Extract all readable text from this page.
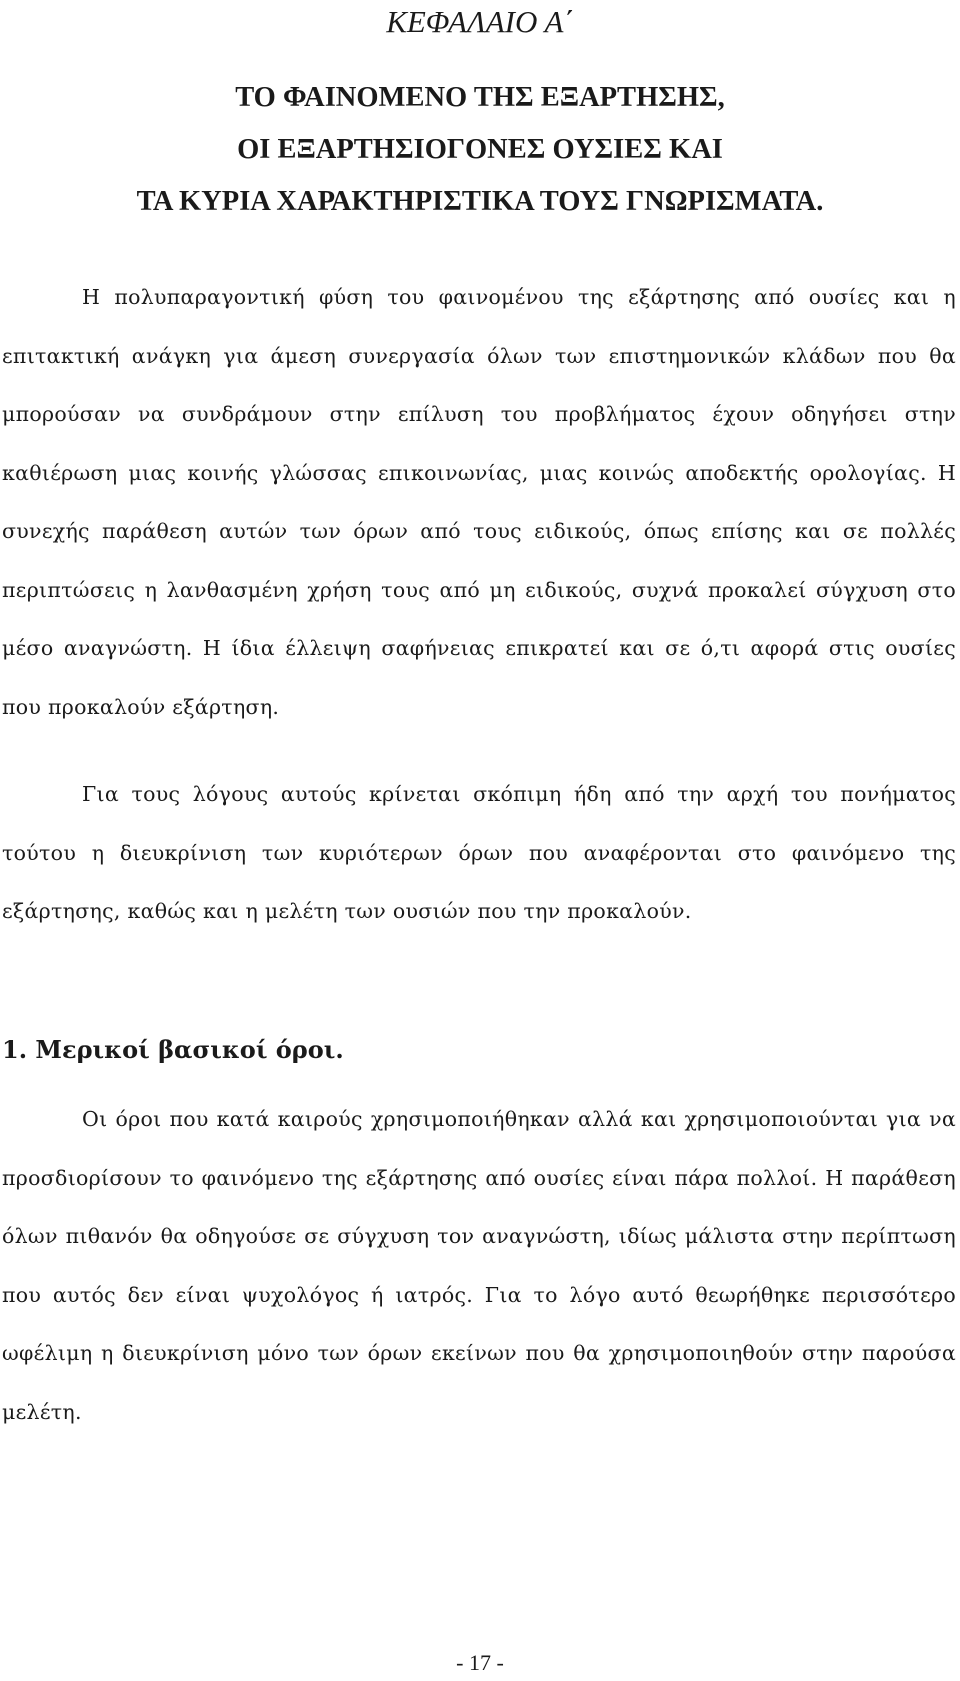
ΚΕΦΑΛΑΙΟ Α΄
ΤΟ ΦΑΙΝΟΜΕΝΟ ΤΗΣ ΕΞΑΡΤΗΣΗΣ,
ΟΙ ΕΞΑΡΤΗΣΙΟΓΟΝΕΣ ΟΥΣΙΕΣ ΚΑΙ
ΤΑ ΚΥΡΙΑ ΧΑΡΑΚΤΗΡΙΣΤΙΚΑ ΤΟΥΣ ΓΝΩΡΙΣΜΑΤΑ.

Η πολυπαραγοντική φύση του φαινομένου της εξάρτησης από ουσίες και η επιτακτική ανάγκη για άμεση συνεργασία όλων των επιστημονικών κλάδων που θα μπορούσαν να συνδράμουν στην επίλυση του προβλήματος έχουν οδηγήσει στην καθιέρωση μιας κοινής γλώσσας επικοινωνίας, μιας κοινώς αποδεκτής ορολογίας. Η συνεχής παράθεση αυτών των όρων από τους ειδικούς, όπως επίσης και σε πολλές περιπτώσεις η λανθασμένη χρήση τους από μη ειδικούς, συχνά προκαλεί σύγχυση στο μέσο αναγνώστη. Η ίδια έλλειψη σαφήνειας επικρατεί και σε ό,τι αφορά στις ουσίες που προκαλούν εξάρτηση.

Για τους λόγους αυτούς κρίνεται σκόπιμη ήδη από την αρχή του πονήματος τούτου η διευκρίνιση των κυριότερων όρων που αναφέρονται στο φαινόμενο της εξάρτησης, καθώς και η μελέτη των ουσιών που την προκαλούν.

1. Μερικοί βασικοί όροι.

Οι όροι που κατά καιρούς χρησιμοποιήθηκαν αλλά και χρησιμοποιούνται για να προσδιορίσουν το φαινόμενο της εξάρτησης από ουσίες είναι πάρα πολλοί. Η παράθεση όλων πιθανόν θα οδηγούσε σε σύγχυση τον αναγνώστη, ιδίως μάλιστα στην περίπτωση που αυτός δεν είναι ψυχολόγος ή ιατρός. Για το λόγο αυτό θεωρήθηκε περισσότερο ωφέλιμη η διευκρίνιση μόνο των όρων εκείνων που θα χρησιμοποιηθούν στην παρούσα μελέτη.

- 17 -
